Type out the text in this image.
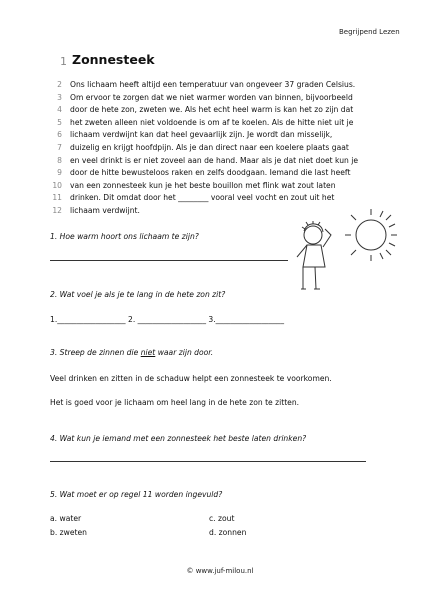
Begrijpend Lezen
1 Zonnesteek
2 Ons lichaam heeft altijd een temperatuur van ongeveer 37 graden Celsius.
3 Om ervoor te zorgen dat we niet warmer worden van binnen, bijvoorbeeld
4 door de hete zon, zweten we. Als het echt heel warm is kan het zo zijn dat
5 het zweten alleen niet voldoende is om af te koelen. Als de hitte niet uit je
6 lichaam verdwijnt kan dat heel gevaarlijk zijn. Je wordt dan misselijk,
7 duizelig en krijgt hoofdpijn. Als je dan direct naar een koelere plaats gaat
8 en veel drinkt is er niet zoveel aan de hand. Maar als je dat niet doet kun je
9 door de hitte bewusteloos raken en zelfs doodgaan. Iemand die last heeft
10 van een zonnesteek kun je het beste bouillon met flink wat zout laten
11 drinken. Dit omdat door het ________ vooral veel vocht en zout uit het
12 lichaam verdwijnt.
1. Hoe warm hoort ons lichaam te zijn?
2. Wat voel je als je te lang in de hete zon zit?
1.__________________ 2. __________________ 3.__________________
3. Streep de zinnen die niet waar zijn door.
Veel drinken en zitten in de schaduw helpt een zonnesteek te voorkomen.
Het is goed voor je lichaam om heel lang in de hete zon te zitten.
4. Wat kun je iemand met een zonnesteek het beste laten drinken?
5. Wat moet er op regel 11 worden ingevuld?
a. water
b. zweten
c. zout
d. zonnen
© www.juf-milou.nl
